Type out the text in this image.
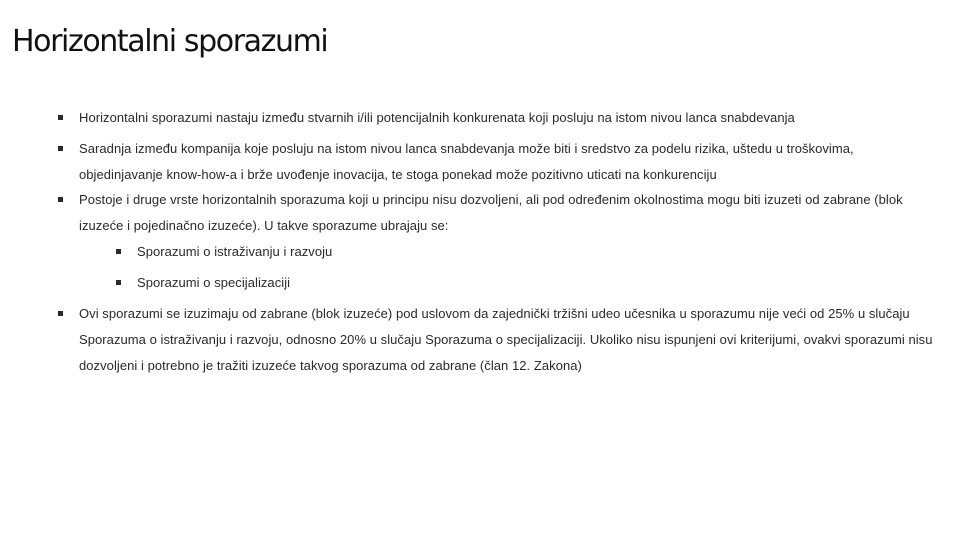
Horizontalni sporazumi
Horizontalni sporazumi nastaju između stvarnih i/ili potencijalnih konkurenata koji posluju na istom nivou lanca snabdevanja
Saradnja između kompanija koje posluju na istom nivou lanca snabdevanja može biti i sredstvo za podelu rizika, uštedu u troškovima, objedinjavanje know-how-a i brže uvođenje inovacija, te stoga ponekad može pozitivno uticati na konkurenciju
Postoje i druge vrste horizontalnih sporazuma koji u principu nisu dozvoljeni, ali pod određenim okolnostima mogu biti izuzeti od zabrane (blok izuzeće i pojedinačno izuzeće). U takve sporazume ubrajaju se:
Sporazumi o istraživanju i razvoju
Sporazumi o specijalizaciji
Ovi sporazumi se izuzimaju od zabrane (blok izuzeće) pod uslovom da zajednički tržišni udeo učesnika u sporazumu nije veći od 25% u slučaju Sporazuma o istraživanju i razvoju, odnosno 20% u slučaju Sporazuma o specijalizaciji. Ukoliko nisu ispunjeni ovi kriterijumi, ovakvi sporazumi nisu dozvoljeni i potrebno je tražiti izuzeće takvog sporazuma od zabrane (član 12. Zakona)
